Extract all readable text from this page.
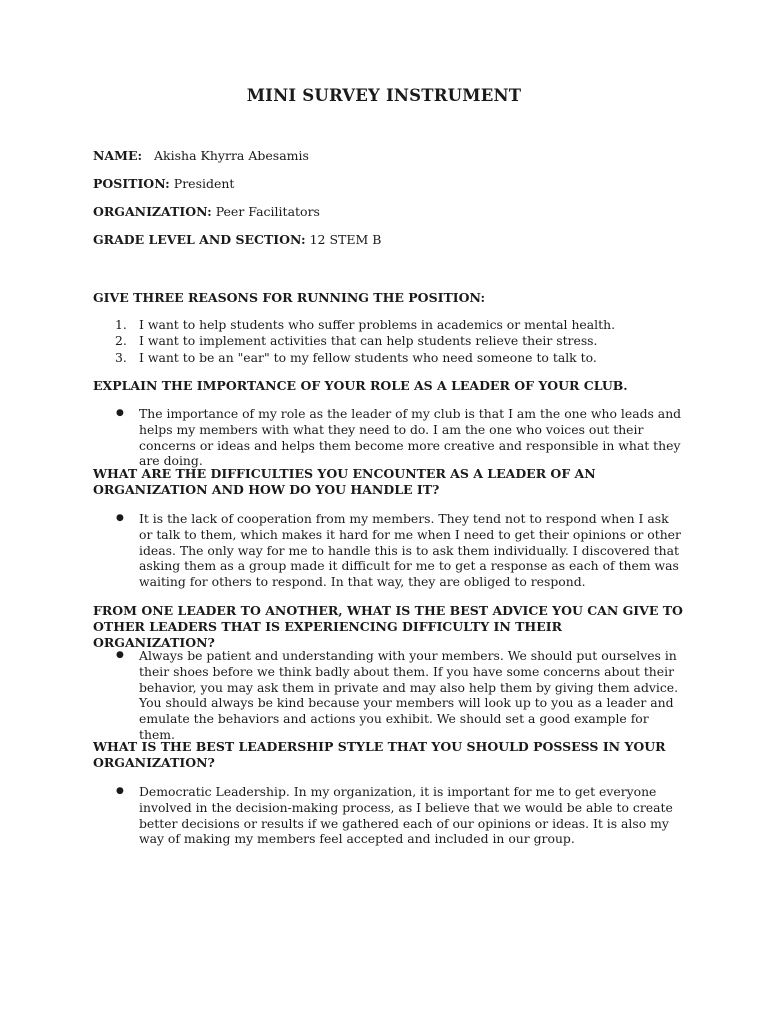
MINI SURVEY INSTRUMENT
NAME: Akisha Khyrra Abesamis
POSITION: President
ORGANIZATION: Peer Facilitators
GRADE LEVEL AND SECTION: 12 STEM B
GIVE THREE REASONS FOR RUNNING THE POSITION:
1. I want to help students who suffer problems in academics or mental health.
2. I want to implement activities that can help students relieve their stress.
3. I want to be an "ear" to my fellow students who need someone to talk to.
EXPLAIN THE IMPORTANCE OF YOUR ROLE AS A LEADER OF YOUR CLUB.
● The importance of my role as the leader of my club is that I am the one who leads and helps my members with what they need to do. I am the one who voices out their concerns or ideas and helps them become more creative and responsible in what they are doing.
WHAT ARE THE DIFFICULTIES YOU ENCOUNTER AS A LEADER OF AN ORGANIZATION AND HOW DO YOU HANDLE IT?
● It is the lack of cooperation from my members. They tend not to respond when I ask or talk to them, which makes it hard for me when I need to get their opinions or other ideas. The only way for me to handle this is to ask them individually. I discovered that asking them as a group made it difficult for me to get a response as each of them was waiting for others to respond. In that way, they are obliged to respond.
FROM ONE LEADER TO ANOTHER, WHAT IS THE BEST ADVICE YOU CAN GIVE TO OTHER LEADERS THAT IS EXPERIENCING DIFFICULTY IN THEIR ORGANIZATION?
● Always be patient and understanding with your members. We should put ourselves in their shoes before we think badly about them. If you have some concerns about their behavior, you may ask them in private and may also help them by giving them advice. You should always be kind because your members will look up to you as a leader and emulate the behaviors and actions you exhibit. We should set a good example for them.
WHAT IS THE BEST LEADERSHIP STYLE THAT YOU SHOULD POSSESS IN YOUR ORGANIZATION?
● Democratic Leadership. In my organization, it is important for me to get everyone involved in the decision-making process, as I believe that we would be able to create better decisions or results if we gathered each of our opinions or ideas. It is also my way of making my members feel accepted and included in our group.
